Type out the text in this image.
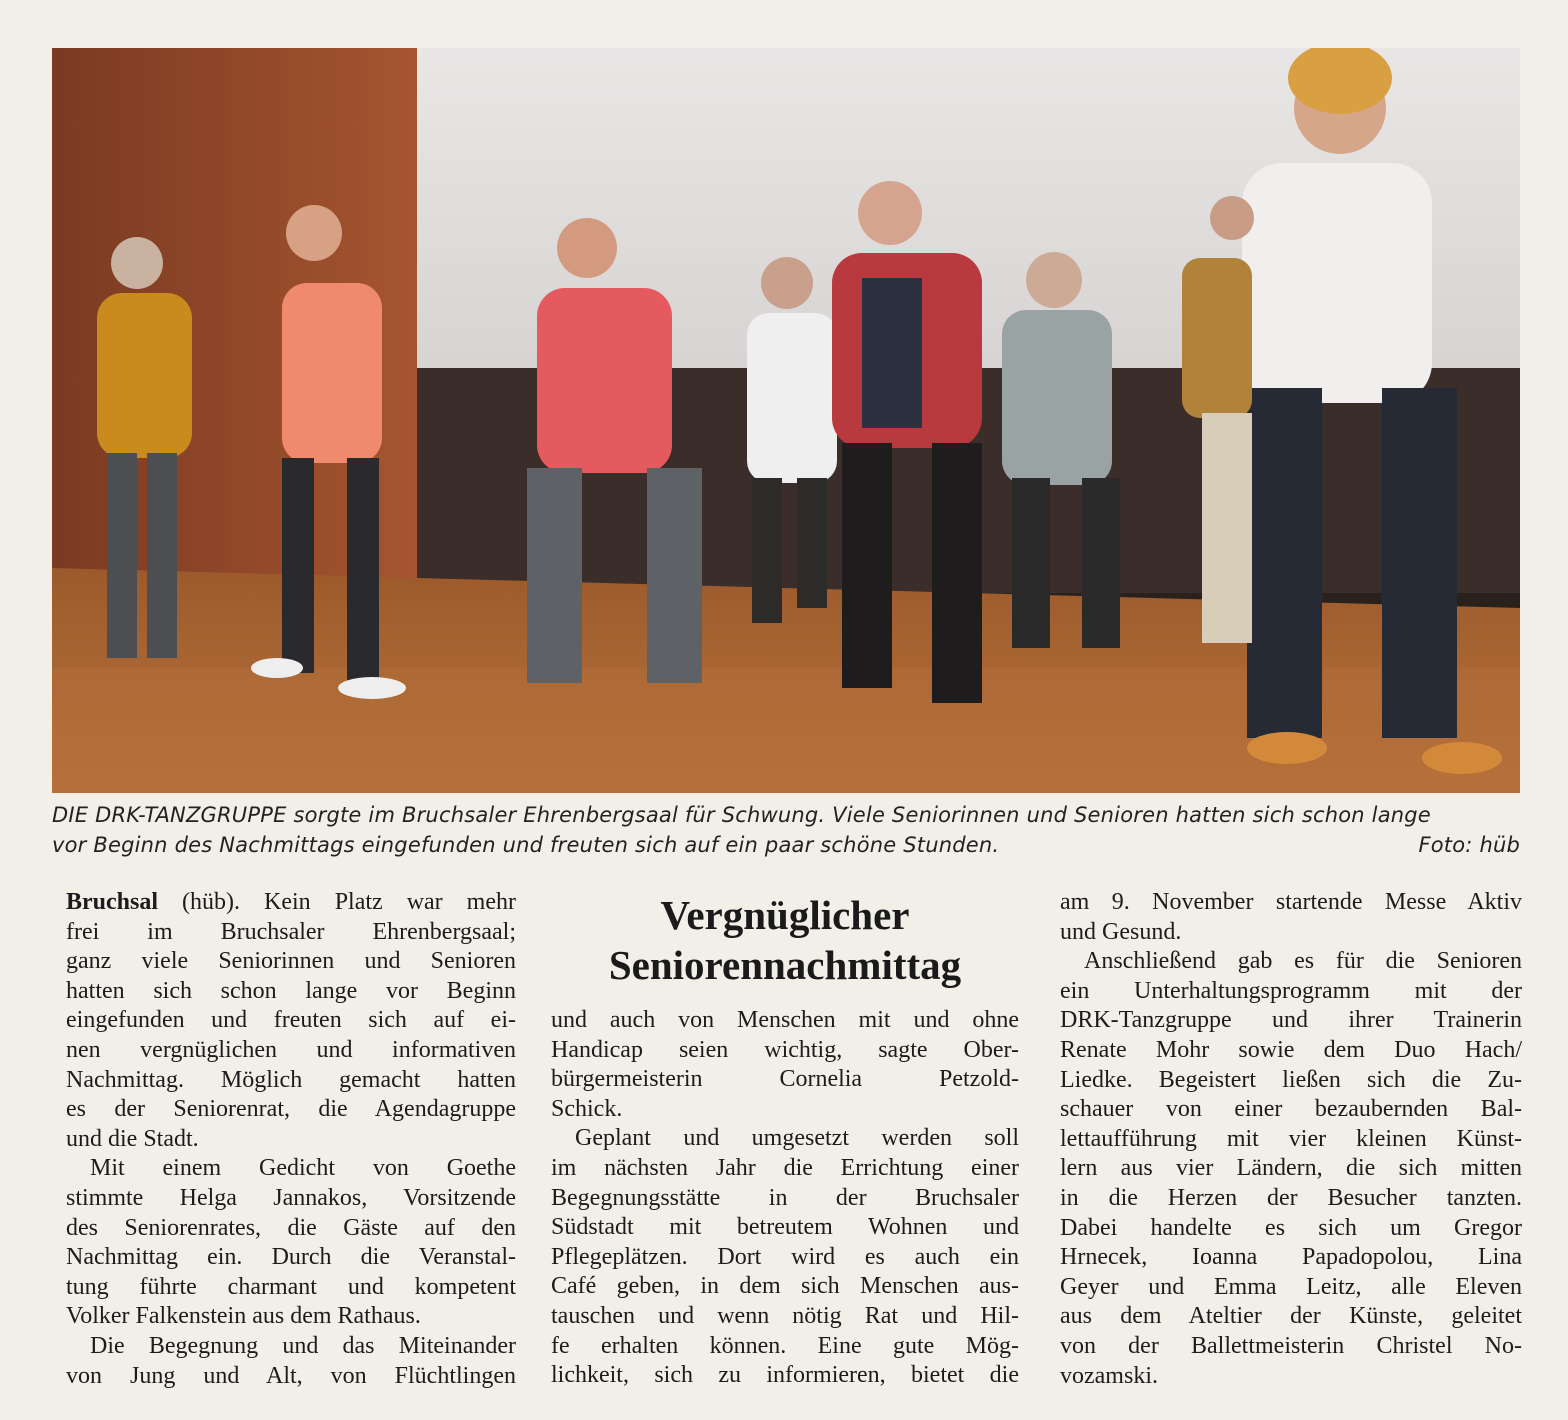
DIE DRK-TANZGRUPPE sorgte im Bruchsaler Ehrenbergsaal für Schwung. Viele Seniorinnen und Senioren hatten sich schon lange
vor Beginn des Nachmittags eingefunden und freuten sich auf ein paar schöne Stunden.	Foto: hüb
Vergnüglicher
Seniorennachmittag
Bruchsal (hüb). Kein Platz war mehr
frei im Bruchsaler Ehrenbergsaal;
ganz viele Seniorinnen und Senioren
hatten sich schon lange vor Beginn
eingefunden und freuten sich auf ei-
nen vergnüglichen und informativen
Nachmittag. Möglich gemacht hatten
es der Seniorenrat, die Agendagruppe
und die Stadt.
Mit einem Gedicht von Goethe
stimmte Helga Jannakos, Vorsitzende
des Seniorenrates, die Gäste auf den
Nachmittag ein. Durch die Veranstal-
tung führte charmant und kompetent
Volker Falkenstein aus dem Rathaus.
Die Begegnung und das Miteinander
von Jung und Alt, von Flüchtlingen
und auch von Menschen mit und ohne
Handicap seien wichtig, sagte Ober-
bürgermeisterin Cornelia Petzold-
Schick.
Geplant und umgesetzt werden soll
im nächsten Jahr die Errichtung einer
Begegnungsstätte in der Bruchsaler
Südstadt mit betreutem Wohnen und
Pflegeplätzen. Dort wird es auch ein
Café geben, in dem sich Menschen aus-
tauschen und wenn nötig Rat und Hil-
fe erhalten können. Eine gute Mög-
lichkeit, sich zu informieren, bietet die
am 9. November startende Messe Aktiv
und Gesund.
Anschließend gab es für die Senioren
ein Unterhaltungsprogramm mit der
DRK-Tanzgruppe und ihrer Trainerin
Renate Mohr sowie dem Duo Hach/
Liedke. Begeistert ließen sich die Zu-
schauer von einer bezaubernden Bal-
lettaufführung mit vier kleinen Künst-
lern aus vier Ländern, die sich mitten
in die Herzen der Besucher tanzten.
Dabei handelte es sich um Gregor
Hrnecek, Ioanna Papadopolou, Lina
Geyer und Emma Leitz, alle Eleven
aus dem Ateltier der Künste, geleitet
von der Ballettmeisterin Christel No-
vozamski.
